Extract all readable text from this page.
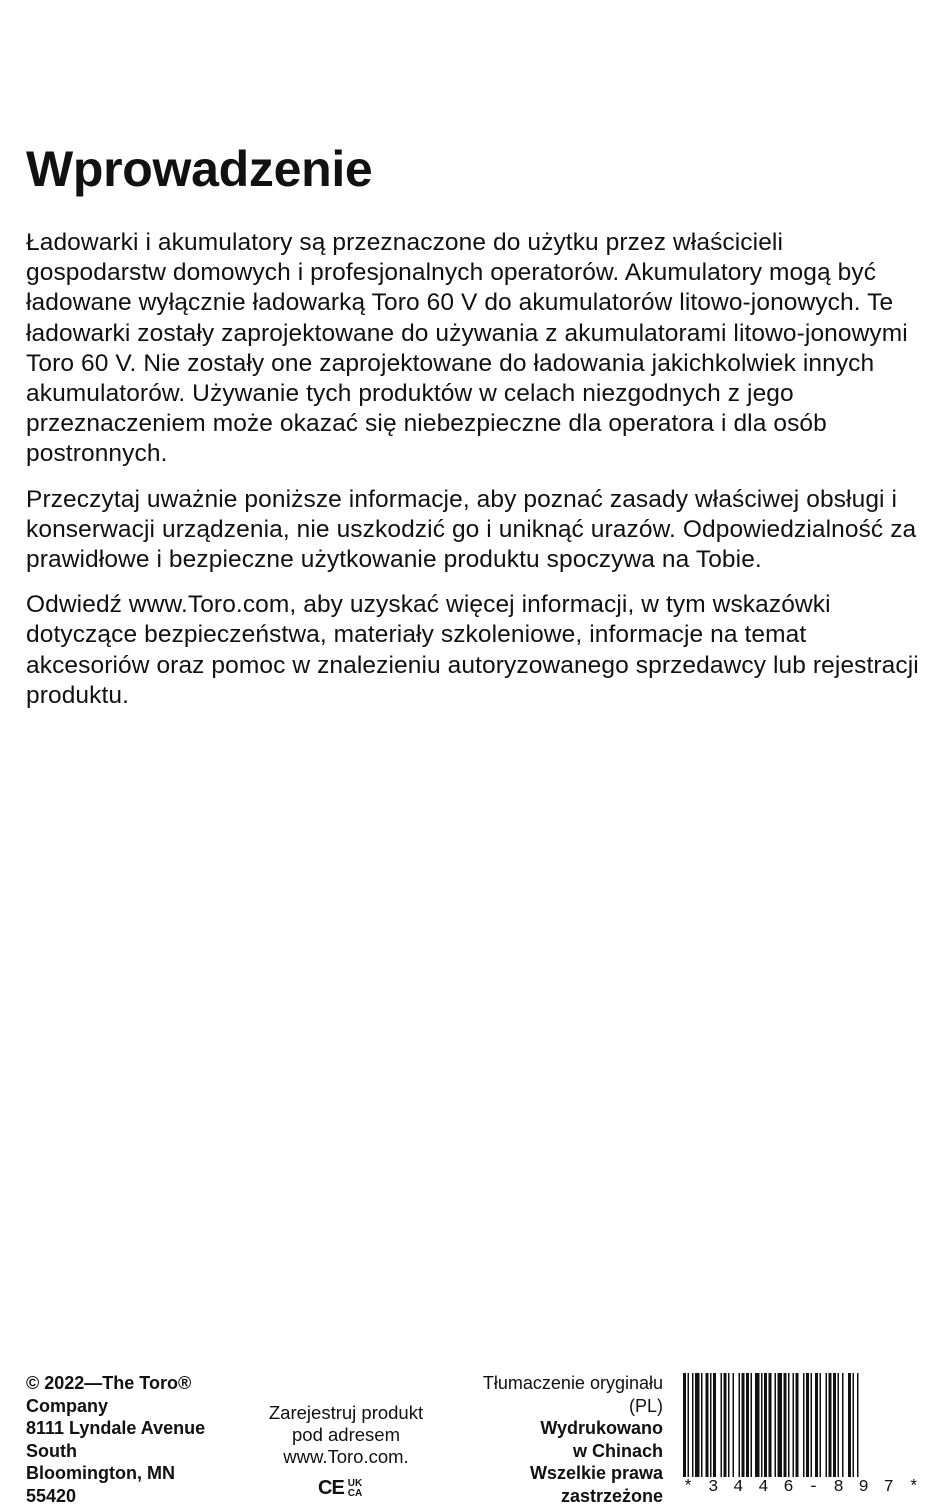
Wprowadzenie

Ładowarki i akumulatory są przeznaczone do użytku przez właścicieli gospodarstw domowych i profesjonalnych operatorów. Akumulatory mogą być ładowane wyłącznie ładowarką Toro 60 V do akumulatorów litowo-jonowych. Te ładowarki zostały zaprojektowane do używania z akumulatorami litowo-jonowymi Toro 60 V. Nie zostały one zaprojektowane do ładowania jakichkolwiek innych akumulatorów. Używanie tych produktów w celach niezgodnych z jego przeznaczeniem może okazać się niebezpieczne dla operatora i dla osób postronnych.

Przeczytaj uważnie poniższe informacje, aby poznać zasady właściwej obsługi i konserwacji urządzenia, nie uszkodzić go i uniknąć urazów. Odpowiedzialność za prawidłowe i bezpieczne użytkowanie produktu spoczywa na Tobie.

Odwiedź www.Toro.com, aby uzyskać więcej informacji, w tym wskazówki dotyczące bezpieczeństwa, materiały szkoleniowe, informacje na temat akcesoriów oraz pomoc w znalezieniu autoryzowanego sprzedawcy lub rejestracji produktu.

© 2022—The Toro®
Company
8111 Lyndale Avenue
South
Bloomington, MN
55420
Zarejestruj produkt
pod adresem
www.Toro.com.
CE UK
CA
Tłumaczenie oryginału
(PL)
Wydrukowano
w Chinach
Wszelkie prawa
zastrzeżone * 3 4 4 6 - 8 9 7 *
